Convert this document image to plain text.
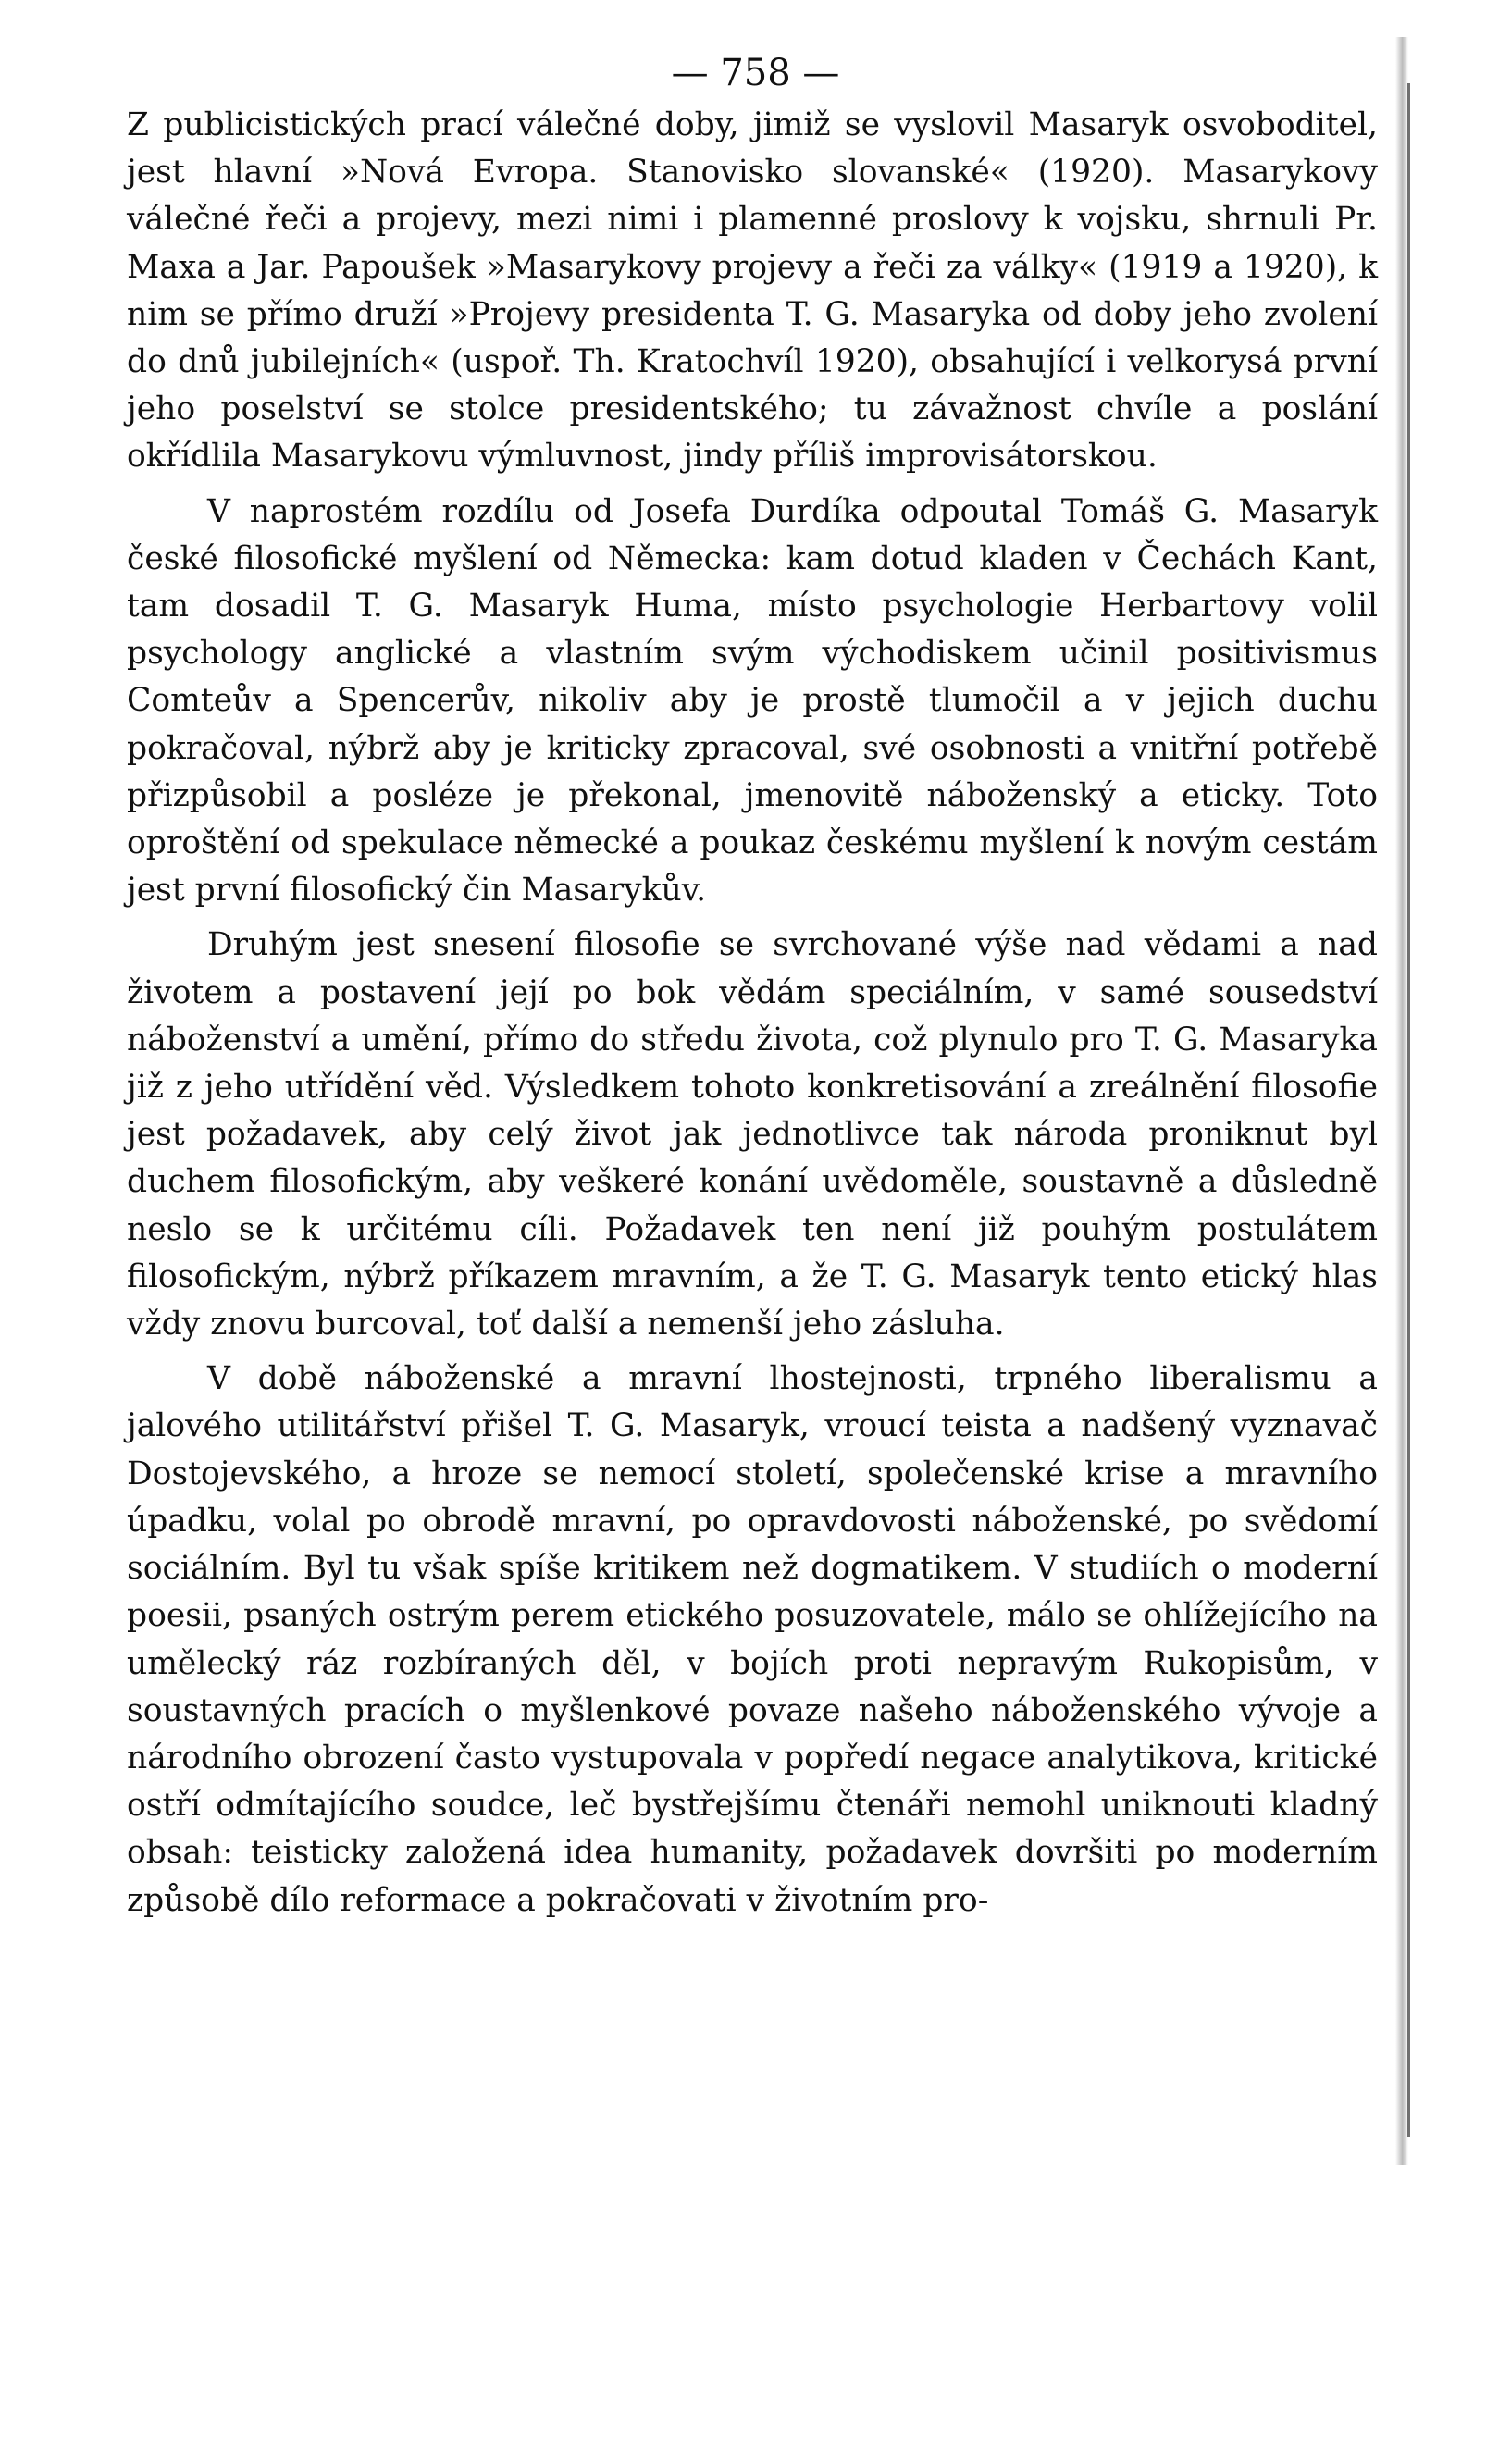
— 758 —

Z publicistických prací válečné doby, jimiž se vyslovil Masaryk osvoboditel, jest hlavní »Nová Evropa. Stanovisko slovanské« (1920). Masarykovy válečné řeči a projevy, mezi nimi i plamenné proslovy k vojsku, shrnuli Pr. Maxa a Jar. Papoušek »Masarykovy projevy a řeči za války« (1919 a 1920), k nim se přímo druží »Projevy presidenta T. G. Masaryka od doby jeho zvolení do dnů jubilejních« (uspoř. Th. Kratochvíl 1920), obsahující i velkorysá první jeho poselství se stolce presidentského; tu závažnost chvíle a poslání okřídlila Masarykovu výmluvnost, jindy příliš improvisátorskou.

V naprostém rozdílu od Josefa Durdíka odpoutal Tomáš G. Masaryk české filosofické myšlení od Německa: kam dotud kladen v Čechách Kant, tam dosadil T. G. Masaryk Huma, místo psychologie Herbartovy volil psychology anglické a vlastním svým východiskem učinil positivismus Comteův a Spencerův, nikoliv aby je prostě tlumočil a v jejich duchu pokračoval, nýbrž aby je kriticky zpracoval, své osobnosti a vnitřní potřebě přizpůsobil a posléze je překonal, jmenovitě náboženský a eticky. Toto oproštění od spekulace německé a poukaz českému myšlení k novým cestám jest první filosofický čin Masarykův.

Druhým jest snesení filosofie se svrchované výše nad vědami a nad životem a postavení její po bok vědám speciálním, v samé sousedství náboženství a umění, přímo do středu života, což plynulo pro T. G. Masaryka již z jeho utřídění věd. Výsledkem tohoto konkretisování a zreálnění filosofie jest požadavek, aby celý život jak jednotlivce tak národa proniknut byl duchem filosofickým, aby veškeré konání uvědoměle, soustavně a důsledně neslo se k určitému cíli. Požadavek ten není již pouhým postulátem filosofickým, nýbrž příkazem mravním, a že T. G. Masaryk tento etický hlas vždy znovu burcoval, toť další a nemenší jeho zásluha.

V době náboženské a mravní lhostejnosti, trpného liberalismu a jalového utilitářství přišel T. G. Masaryk, vroucí teista a nadšený vyznavač Dostojevského, a hroze se nemocí století, společenské krise a mravního úpadku, volal po obrodě mravní, po opravdovosti náboženské, po svědomí sociálním. Byl tu však spíše kritikem než dogmatikem. V studiích o moderní poesii, psaných ostrým perem etického posuzovatele, málo se ohlížejícího na umělecký ráz rozbíraných děl, v bojích proti nepravým Rukopisům, v soustavných pracích o myšlenkové povaze našeho náboženského vývoje a národního obrození často vystupovala v popředí negace analytikova, kritické ostří odmítajícího soudce, leč bystřejšímu čtenáři nemohl uniknouti kladný obsah: teisticky založená idea humanity, požadavek dovršiti po moderním způsobě dílo reformace a pokračovati v životním pro-
